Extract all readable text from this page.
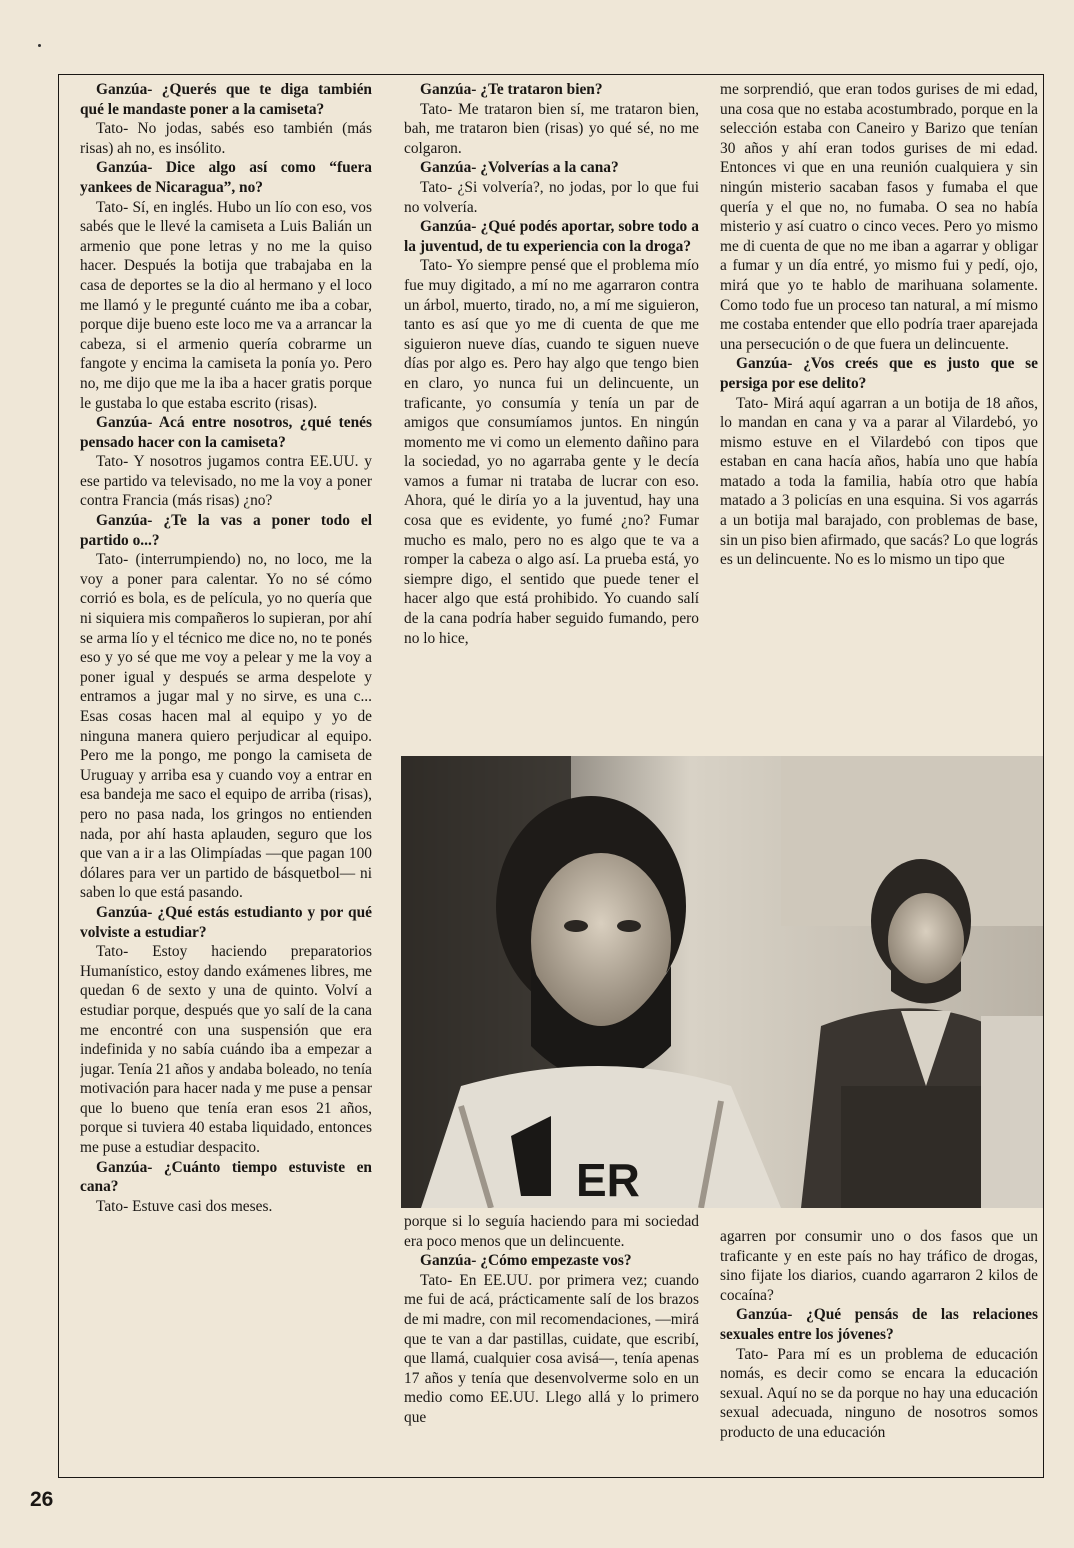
Ganzúa- ¿Querés que te diga también qué le mandaste poner a la camiseta?

Tato- No jodas, sabés eso también (más risas) ah no, es insólito.

Ganzúa- Dice algo así como “fuera yankees de Nicaragua”, no?

Tato- Sí, en inglés. Hubo un lío con eso, vos sabés que le llevé la camiseta a Luis Balián un armenio que pone letras y no me la quiso hacer. Después la botija que trabajaba en la casa de deportes se la dio al hermano y el loco me llamó y le pregunté cuánto me iba a cobar, porque dije bueno este loco me va a arrancar la cabeza, si el armenio quería cobrarme un fangote y encima la camiseta la ponía yo. Pero no, me dijo que me la iba a hacer gratis porque le gustaba lo que estaba escrito (risas).

Ganzúa- Acá entre nosotros, ¿qué tenés pensado hacer con la camiseta?

Tato- Y nosotros jugamos contra EE.UU. y ese partido va televisado, no me la voy a poner contra Francia (más risas) ¿no?

Ganzúa- ¿Te la vas a poner todo el partido o...?

Tato- (interrumpiendo) no, no loco, me la voy a poner para calentar. Yo no sé cómo corrió es bola, es de película, yo no quería que ni siquiera mis compañeros lo supieran, por ahí se arma lío y el técnico me dice no, no te ponés eso y yo sé que me voy a pelear y me la voy a poner igual y después se arma despelote y entramos a jugar mal y no sirve, es una c... Esas cosas hacen mal al equipo y yo de ninguna manera quiero perjudicar al equipo. Pero me la pongo, me pongo la camiseta de Uruguay y arriba esa y cuando voy a entrar en esa bandeja me saco el equipo de arriba (risas), pero no pasa nada, los gringos no entienden nada, por ahí hasta aplauden, seguro que los que van a ir a las Olimpíadas —que pagan 100 dólares para ver un partido de básquetbol— ni saben lo que está pasando.

Ganzúa- ¿Qué estás estudianto y por qué volviste a estudiar?

Tato- Estoy haciendo preparatorios Humanístico, estoy dando exámenes libres, me quedan 6 de sexto y una de quinto. Volví a estudiar porque, después que yo salí de la cana me encontré con una suspensión que era indefinida y no sabía cuándo iba a empezar a jugar. Tenía 21 años y andaba boleado, no tenía motivación para hacer nada y me puse a pensar que lo bueno que tenía eran esos 21 años, porque si tuviera 40 estaba liquidado, entonces me puse a estudiar despacito.

Ganzúa- ¿Cuánto tiempo estuviste en cana?

Tato- Estuve casi dos meses.

Ganzúa- ¿Te trataron bien?

Tato- Me trataron bien sí, me trataron bien, bah, me trataron bien (risas) yo qué sé, no me colgaron.

Ganzúa- ¿Volverías a la cana?

Tato- ¿Si volvería?, no jodas, por lo que fui no volvería.

Ganzúa- ¿Qué podés aportar, sobre todo a la juventud, de tu experiencia con la droga?

Tato- Yo siempre pensé que el problema mío fue muy digitado, a mí no me agarraron contra un árbol, muerto, tirado, no, a mí me siguieron, tanto es así que yo me di cuenta de que me siguieron nueve días, cuando te siguen nueve días por algo es. Pero hay algo que tengo bien en claro, yo nunca fui un delincuente, un traficante, yo consumía y tenía un par de amigos que consumíamos juntos. En ningún momento me vi como un elemento dañino para la sociedad, yo no agarraba gente y le decía vamos a fumar ni trataba de lucrar con eso. Ahora, qué le diría yo a la juventud, hay una cosa que es evidente, yo fumé ¿no? Fumar mucho es malo, pero no es algo que te va a romper la cabeza o algo así. La prueba está, yo siempre digo, el sentido que puede tener el hacer algo que está prohibido. Yo cuando salí de la cana podría haber seguido fumando, pero no lo hice,

me sorprendió, que eran todos gurises de mi edad, una cosa que no estaba acostumbrado, porque en la selección estaba con Caneiro y Barizo que tenían 30 años y ahí eran todos gurises de mi edad. Entonces vi que en una reunión cualquiera y sin ningún misterio sacaban fasos y fumaba el que quería y el que no, no fumaba. O sea no había misterio y así cuatro o cinco veces. Pero yo mismo me di cuenta de que no me iban a agarrar y obligar a fumar y un día entré, yo mismo fui y pedí, ojo, mirá que yo te hablo de marihuana solamente. Como todo fue un proceso tan natural, a mí mismo me costaba entender que ello podría traer aparejada una persecución o de que fuera un delincuente.

Ganzúa- ¿Vos creés que es justo que se persiga por ese delito?

Tato- Mirá aquí agarran a un botija de 18 años, lo mandan en cana y va a parar al Vilardebó, yo mismo estuve en el Vilardebó con tipos que estaban en cana hacía años, había uno que había matado a toda la familia, había otro que había matado a 3 policías en una esquina. Si vos agarrás a un botija mal barajado, con problemas de base, sin un piso bien afirmado, que sacás? Lo que lográs es un delincuente. No es lo mismo un tipo que

ER

porque si lo seguía haciendo para mi sociedad era poco menos que un delincuente.

Ganzúa- ¿Cómo empezaste vos?

Tato- En EE.UU. por primera vez; cuando me fui de acá, prácticamente salí de los brazos de mi madre, con mil recomendaciones, —mirá que te van a dar pastillas, cuidate, que escribí, que llamá, cualquier cosa avisá—, tenía apenas 17 años y tenía que desenvolverme solo en un medio como EE.UU. Llego allá y lo primero que

agarren por consumir uno o dos fasos que un traficante y en este país no hay tráfico de drogas, sino fijate los diarios, cuando agarraron 2 kilos de cocaína?

Ganzúa- ¿Qué pensás de las relaciones sexuales entre los jóvenes?

Tato- Para mí es un problema de educación nomás, es decir como se encara la educación sexual. Aquí no se da porque no hay una educación sexual adecuada, ninguno de nosotros somos producto de una educación

26
